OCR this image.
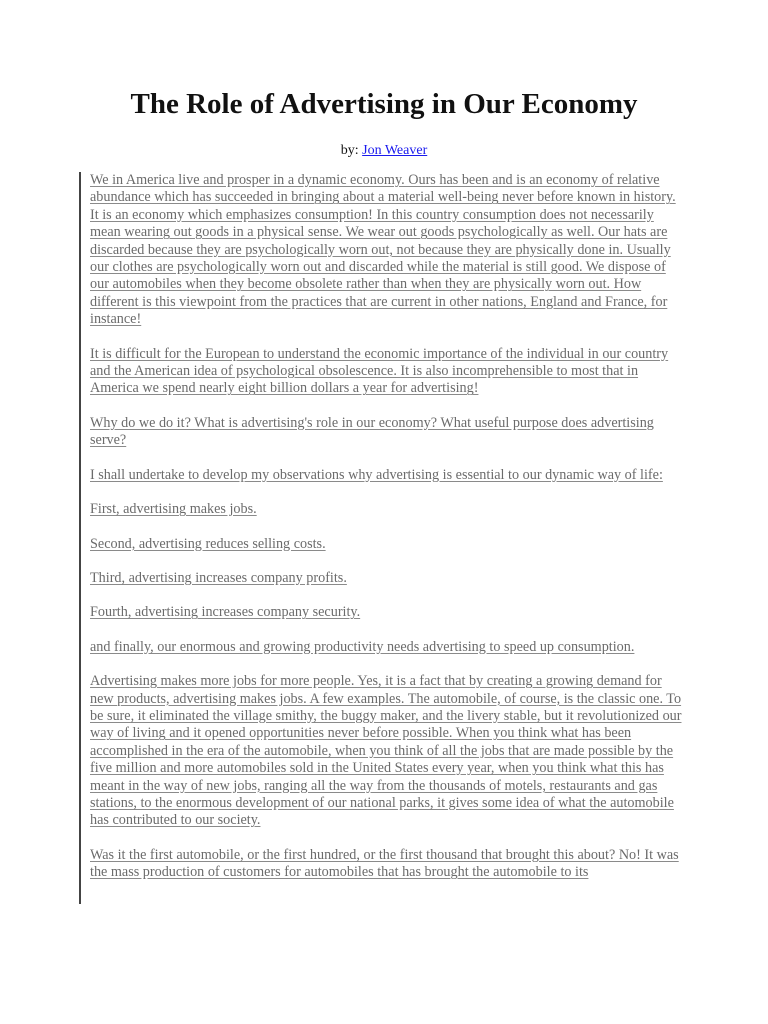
The Role of Advertising in Our Economy
by: Jon Weaver

We in America live and prosper in a dynamic economy. Ours has been and is an economy of relative abundance which has succeeded in bringing about a material well-being never before known in history. It is an economy which emphasizes consumption! In this country consumption does not necessarily mean wearing out goods in a physical sense. We wear out goods psychologically as well. Our hats are discarded because they are psychologically worn out, not because they are physically done in. Usually our clothes are psychologically worn out and discarded while the material is still good. We dispose of our automobiles when they become obsolete rather than when they are physically worn out. How different is this viewpoint from the practices that are current in other nations, England and France, for instance!

It is difficult for the European to understand the economic importance of the individual in our country and the American idea of psychological obsolescence. It is also incomprehensible to most that in America we spend nearly eight billion dollars a year for advertising!

Why do we do it? What is advertising's role in our economy? What useful purpose does advertising serve?

I shall undertake to develop my observations why advertising is essential to our dynamic way of life:

First, advertising makes jobs.

Second, advertising reduces selling costs.

Third, advertising increases company profits.

Fourth, advertising increases company security.

and finally, our enormous and growing productivity needs advertising to speed up consumption.

Advertising makes more jobs for more people. Yes, it is a fact that by creating a growing demand for new products, advertising makes jobs. A few examples. The automobile, of course, is the classic one. To be sure, it eliminated the village smithy, the buggy maker, and the livery stable, but it revolutionized our way of living and it opened opportunities never before possible. When you think what has been accomplished in the era of the automobile, when you think of all the jobs that are made possible by the five million and more automobiles sold in the United States every year, when you think what this has meant in the way of new jobs, ranging all the way from the thousands of motels, restaurants and gas stations, to the enormous development of our national parks, it gives some idea of what the automobile has contributed to our society.

Was it the first automobile, or the first hundred, or the first thousand that brought this about? No! It was the mass production of customers for automobiles that has brought the automobile to its
